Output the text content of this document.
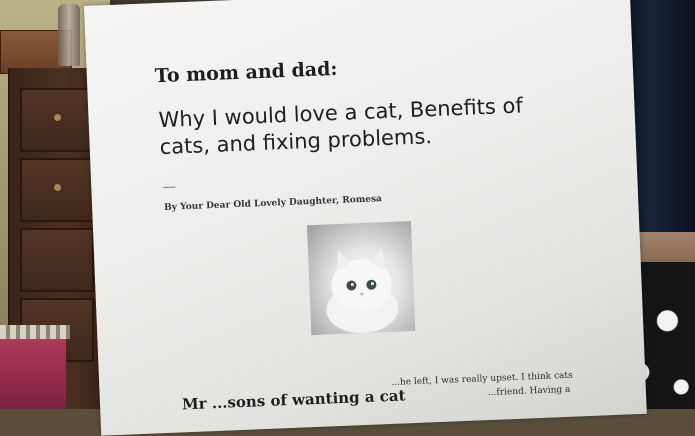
To mom and dad:
Why I would love a cat, Benefits of
cats, and fixing problems.

By Your Dear Old Lovely Daughter, Romesa

Mr ...sons of wanting a cat

...he left, I was really upset. I think cats

...friend. Having a
